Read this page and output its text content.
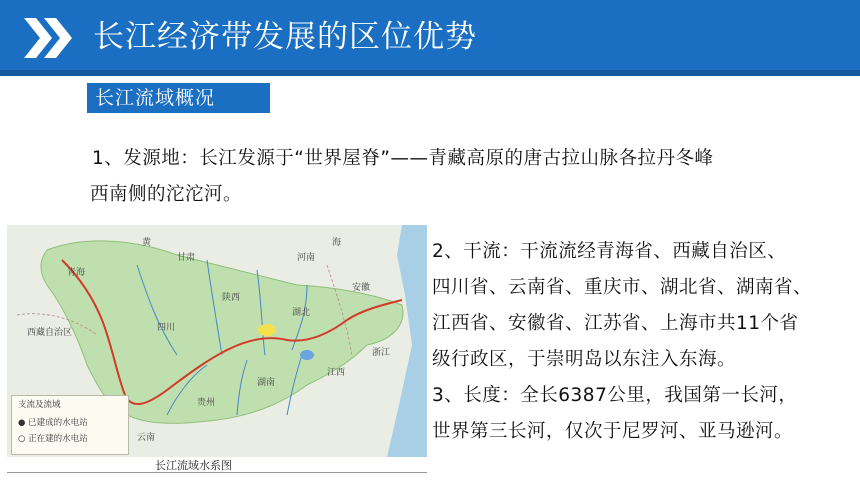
长江经济带发展的区位优势
长江流域概况
1、发源地：长江发源于“世界屋脊”——青藏高原的唐古拉山脉各拉丹冬峰
西南侧的沱沱河。

2、干流：干流流经青海省、西藏自治区、

四川省、云南省、重庆市、湖北省、湖南省、

江西省、安徽省、江苏省、上海市共11个省

级行政区，于崇明岛以东注入东海。

3、长度：全长6387公里，我国第一长河，

世界第三长河，仅次于尼罗河、亚马逊河。

西藏自治区
青海
甘肃
陕西
四川
湖北
湖南
贵州
云南
江西
安徽
河南
浙江
海
黄
支流及流域
● 已建成的水电站
○ 正在建的水电站
长江流域水系图
